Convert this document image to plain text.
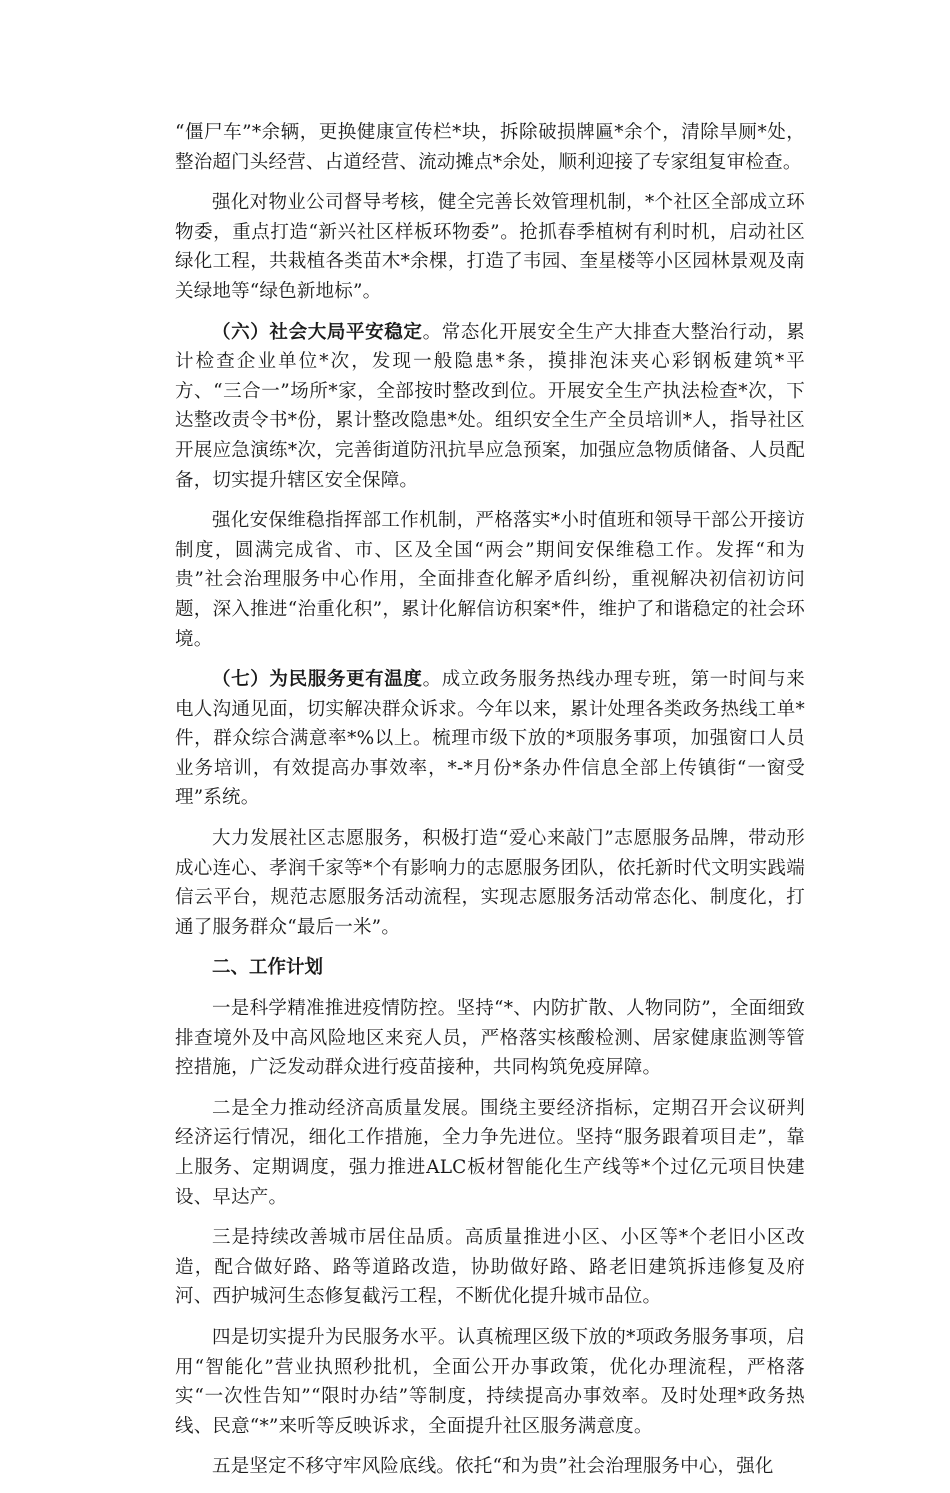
“僵尸车”*余辆，更换健康宣传栏*块，拆除破损牌匾*余个，清除旱厕*处，整治超门头经营、占道经营、流动摊点*余处，顺利迎接了专家组复审检查。

强化对物业公司督导考核，健全完善长效管理机制，*个社区全部成立环物委，重点打造“新兴社区样板环物委”。抢抓春季植树有利时机，启动社区绿化工程，共栽植各类苗木*余棵，打造了韦园、奎星楼等小区园林景观及南关绿地等“绿色新地标”。

（六）社会大局平安稳定。常态化开展安全生产大排查大整治行动，累计检查企业单位*次，发现一般隐患*条，摸排泡沫夹心彩钢板建筑*平方、“三合一”场所*家，全部按时整改到位。开展安全生产执法检查*次，下达整改责令书*份，累计整改隐患*处。组织安全生产全员培训*人，指导社区开展应急演练*次，完善街道防汛抗旱应急预案，加强应急物质储备、人员配备，切实提升辖区安全保障。

强化安保维稳指挥部工作机制，严格落实*小时值班和领导干部公开接访制度，圆满完成省、市、区及全国“两会”期间安保维稳工作。发挥“和为贵”社会治理服务中心作用，全面排查化解矛盾纠纷，重视解决初信初访问题，深入推进“治重化积”，累计化解信访积案*件，维护了和谐稳定的社会环境。

（七）为民服务更有温度。成立政务服务热线办理专班，第一时间与来电人沟通见面，切实解决群众诉求。今年以来，累计处理各类政务热线工单*件，群众综合满意率*%以上。梳理市级下放的*项服务事项，加强窗口人员业务培训，有效提高办事效率，*-*月份*条办件信息全部上传镇街“一窗受理”系统。

大力发展社区志愿服务，积极打造“爱心来敲门”志愿服务品牌，带动形成心连心、孝润千家等*个有影响力的志愿服务团队，依托新时代文明实践端信云平台，规范志愿服务活动流程，实现志愿服务活动常态化、制度化，打通了服务群众“最后一米”。

二、工作计划

一是科学精准推进疫情防控。坚持“*、内防扩散、人物同防”，全面细致排查境外及中高风险地区来兖人员，严格落实核酸检测、居家健康监测等管控措施，广泛发动群众进行疫苗接种，共同构筑免疫屏障。

二是全力推动经济高质量发展。围绕主要经济指标，定期召开会议研判经济运行情况，细化工作措施，全力争先进位。坚持“服务跟着项目走”，靠上服务、定期调度，强力推进ALC板材智能化生产线等*个过亿元项目快建设、早达产。

三是持续改善城市居住品质。高质量推进小区、小区等*个老旧小区改造，配合做好路、路等道路改造，协助做好路、路老旧建筑拆违修复及府河、西护城河生态修复截污工程，不断优化提升城市品位。

四是切实提升为民服务水平。认真梳理区级下放的*项政务服务事项，启用“智能化”营业执照秒批机，全面公开办事政策，优化办理流程，严格落实“一次性告知”“限时办结”等制度，持续提高办事效率。及时处理*政务热线、民意“*”来听等反映诉求，全面提升社区服务满意度。

五是坚定不移守牢风险底线。依托“和为贵”社会治理服务中心，强化
